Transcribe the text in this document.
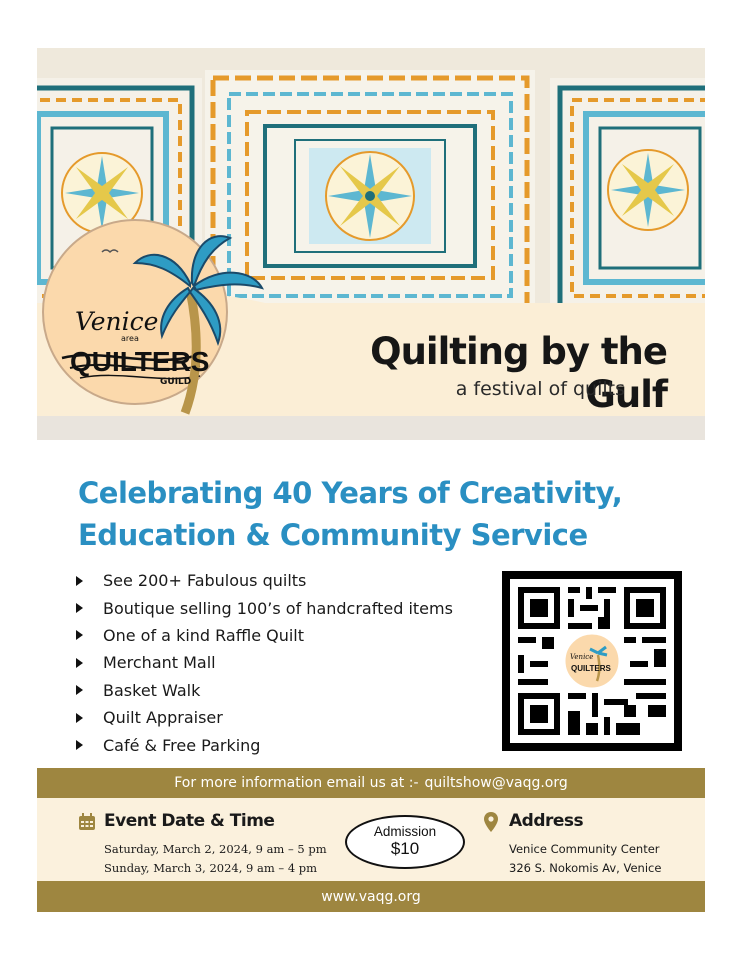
Quilting by the Gulf
a festival of quilts
Venice
area
QUILTERS
GUILD
Celebrating 40 Years of Creativity,
Education & Community Service
See 200+ Fabulous quilts
Boutique selling 100’s of handcrafted items
One of a kind Raffle Quilt
Merchant Mall
Basket Walk
Quilt Appraiser
Café & Free Parking
Venice
QUILTERS
For more information email us at :- quiltshow@vaqg.org
Event Date & Time
Saturday, March 2, 2024, 9 am – 5 pm
Sunday, March 3, 2024, 9 am – 4 pm
Admission
$10
Address
Venice Community Center
326 S. Nokomis Av, Venice
www.vaqg.org
